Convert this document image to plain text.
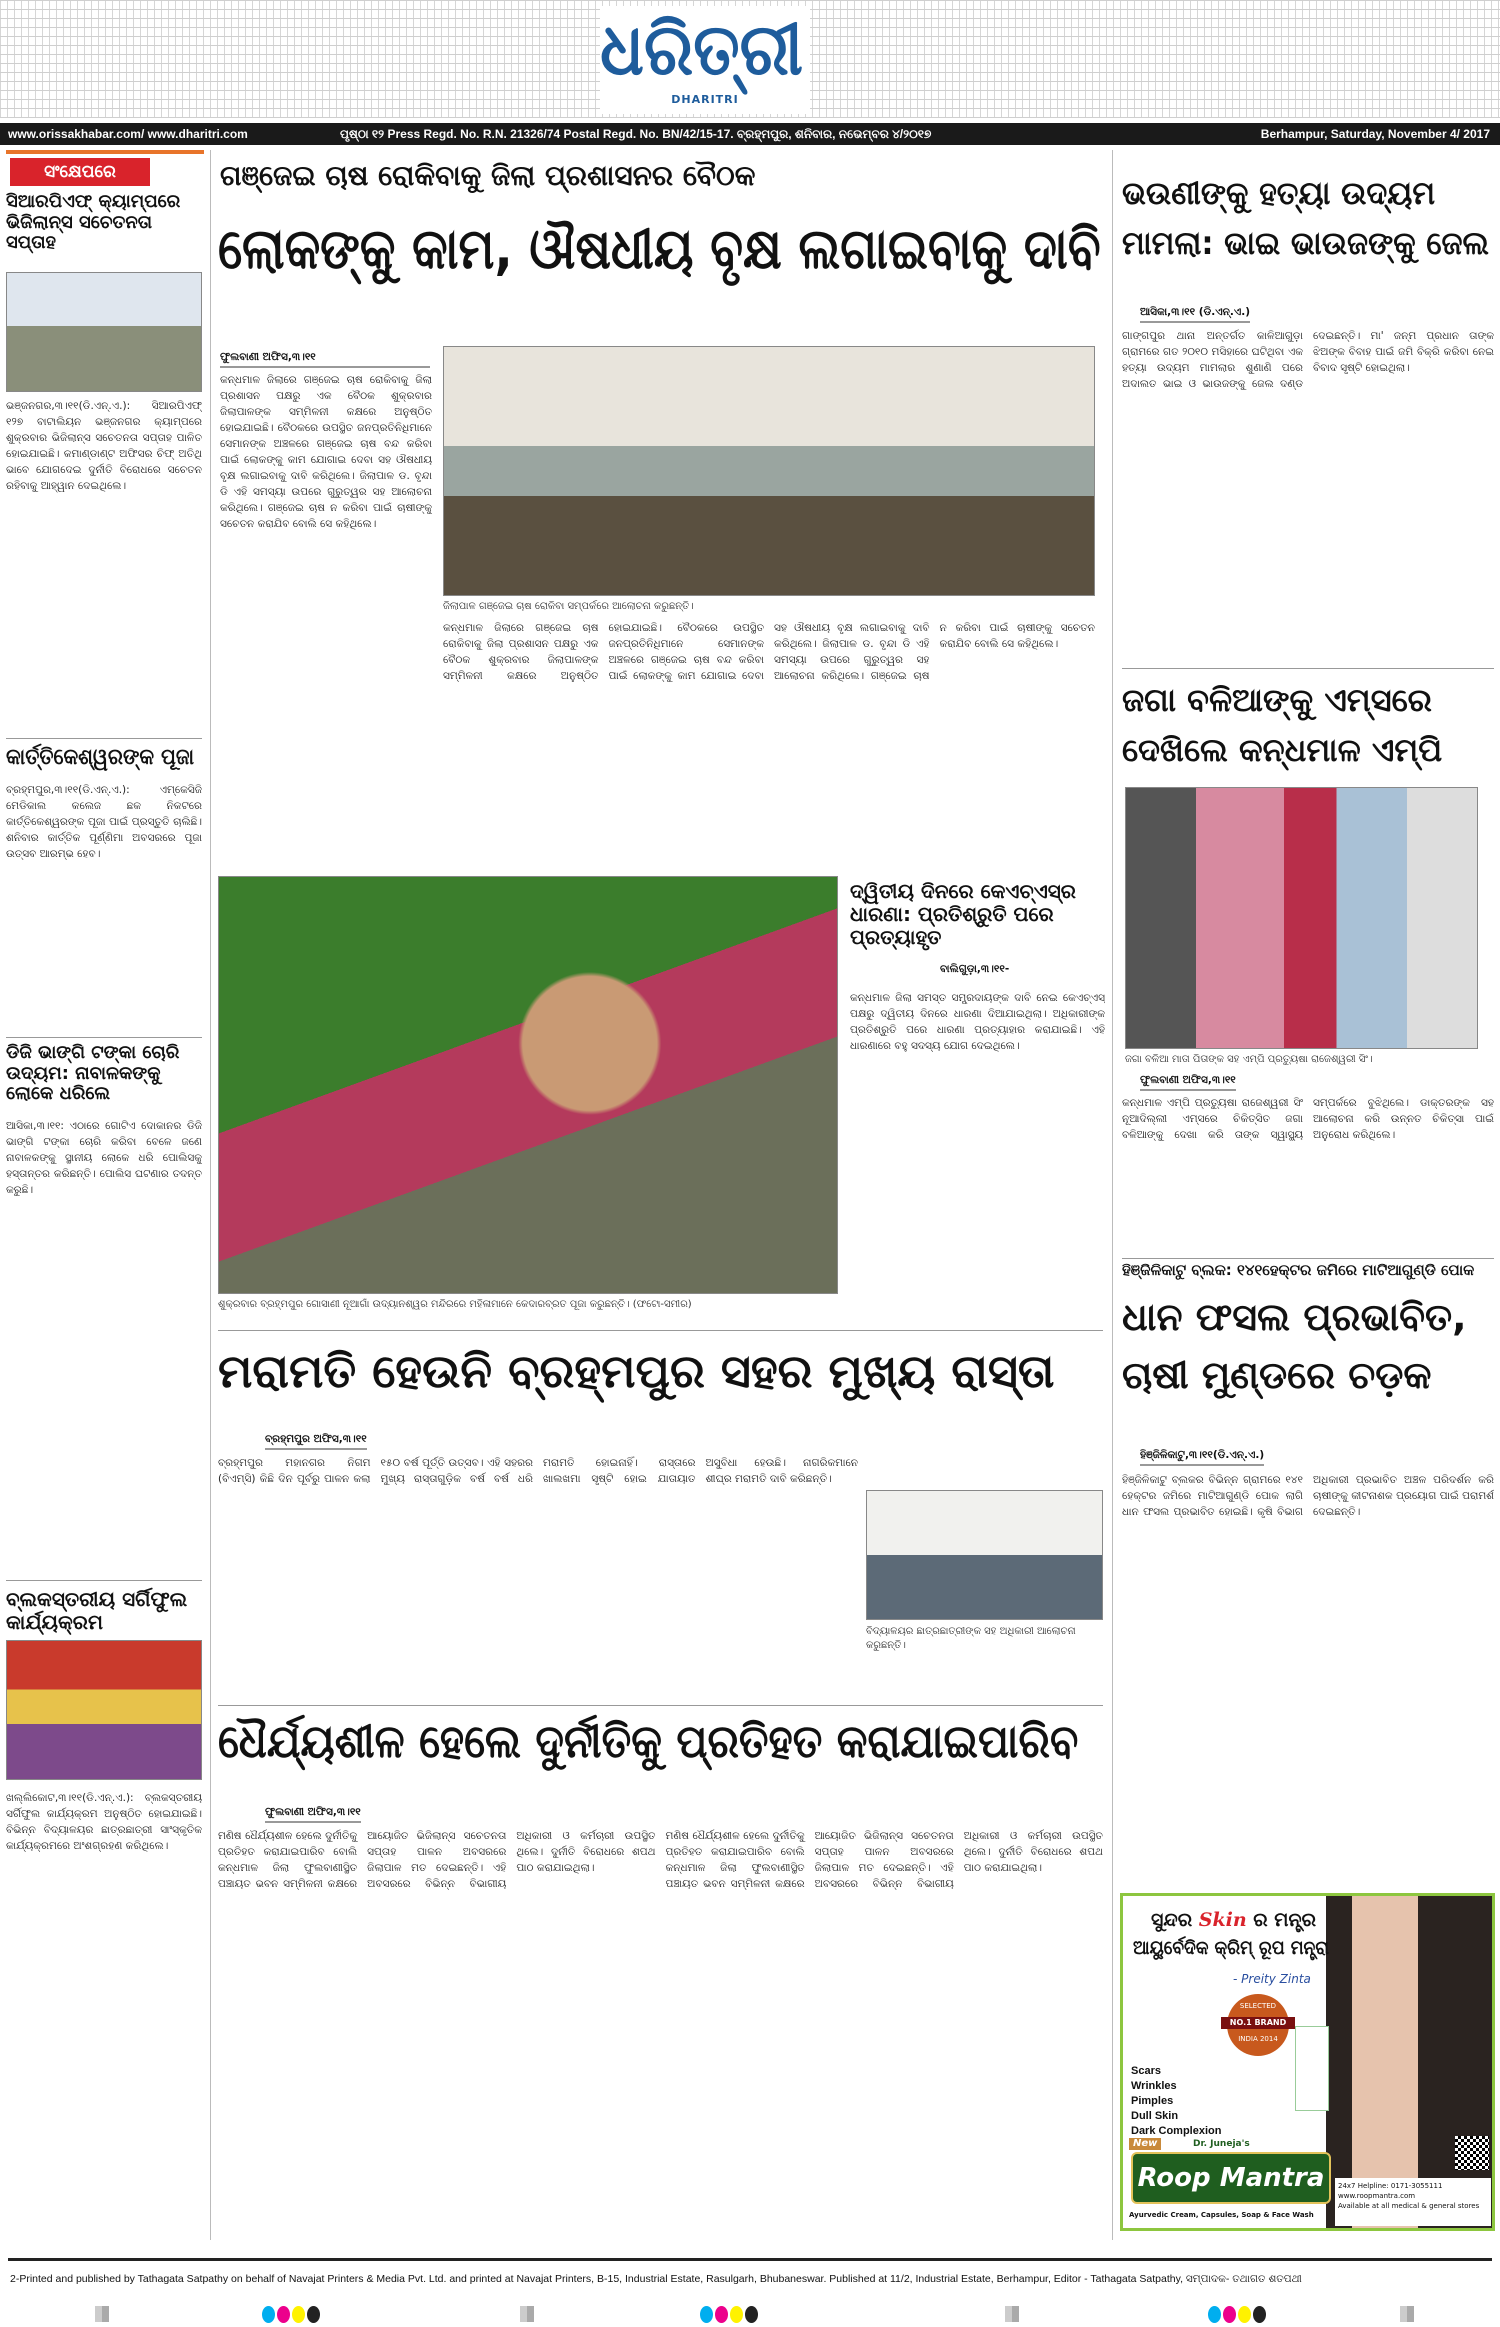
ଧରିତ୍ରୀ
DHARITRI
www.orissakhabar.com/ www.dharitri.com	ପୃଷ୍ଠା ୧୨ Press Regd. No. R.N. 21326/74 Postal Regd. No. BN/42/15-17. ବ୍ରହ୍ମପୁର, ଶନିବାର, ନଭେମ୍ବର ୪/୨୦୧୭	Berhampur, Saturday, November 4/ 2017
ସଂକ୍ଷେପରେ
ସିଆରପିଏଫ୍ କ୍ୟାମ୍ପରେ ଭିଜିଲାନ୍ସ ସଚେତନତା ସପ୍ତାହ

ଭଞ୍ଜନଗର,୩।୧୧(ଡି.ଏନ୍.ଏ.): ସିଆରପିଏଫ୍ ୧୨୭ ବାଟାଲିୟନ ଭଞ୍ଜନଗର କ୍ୟାମ୍ପରେ ଶୁକ୍ରବାର ଭିଜିଲାନ୍ସ ସଚେତନତା ସପ୍ତାହ ପାଳିତ ହୋଇଯାଇଛି। କମାଣ୍ଡାଣ୍ଟ ଅଫିସର ଚିଫ୍ ଅତିଥି ଭାବେ ଯୋଗଦେଇ ଦୁର୍ନୀତି ବିରୋଧରେ ସଚେତନ ରହିବାକୁ ଆହ୍ୱାନ ଦେଇଥିଲେ।

କାର୍ତ୍ତିକେଶ୍ୱରଙ୍କ ପୂଜା

ବ୍ରହ୍ମପୁର,୩।୧୧(ଡି.ଏନ୍.ଏ.): ଏମ୍‌କେସିଜି ମେଡିକାଲ କଲେଜ ଛକ ନିକଟରେ କାର୍ତ୍ତିକେଶ୍ୱରଙ୍କ ପୂଜା ପାଇଁ ପ୍ରସ୍ତୁତି ଚାଲିଛି। ଶନିବାର କାର୍ତ୍ତିକ ପୂର୍ଣ୍ଣିମା ଅବସରରେ ପୂଜା ଉତ୍ସବ ଆରମ୍ଭ ହେବ।

ଡିଜି ଭାଙ୍ଗି ଟଙ୍କା ଚୋରି ଉଦ୍ୟମ: ନାବାଳକଙ୍କୁ ଲୋକେ ଧରିଲେ

ଆସିକା,୩।୧୧: ଏଠାରେ ଗୋଟିଏ ଦୋକାନର ଡିଜି ଭାଙ୍ଗି ଟଙ୍କା ଚୋରି କରିବା ବେଳେ ଜଣେ ନାବାଳକଙ୍କୁ ସ୍ଥାନୀୟ ଲୋକେ ଧରି ପୋଲିସକୁ ହସ୍ତାନ୍ତର କରିଛନ୍ତି। ପୋଲିସ ଘଟଣାର ତଦନ୍ତ କରୁଛି।

ବ୍ଲକସ୍ତରୀୟ ସର୍ଗିଫୁଲ କାର୍ଯ୍ୟକ୍ରମ

ଖଲ୍ଲିକୋଟ,୩।୧୧(ଡି.ଏନ୍.ଏ.): ବ୍ଲକସ୍ତରୀୟ ସର୍ଗିଫୁଲ କାର୍ଯ୍ୟକ୍ରମ ଅନୁଷ୍ଠିତ ହୋଇଯାଇଛି। ବିଭିନ୍ନ ବିଦ୍ୟାଳୟର ଛାତ୍ରଛାତ୍ରୀ ସାଂସ୍କୃତିକ କାର୍ଯ୍ୟକ୍ରମରେ ଅଂଶଗ୍ରହଣ କରିଥିଲେ।

ଗଞ୍ଜେଇ ଚାଷ ରୋକିବାକୁ ଜିଲା ପ୍ରଶାସନର ବୈଠକ
ଲୋକଙ୍କୁ କାମ, ଔଷଧୀୟ ବୃକ୍ଷ ଲଗାଇବାକୁ ଦାବି
ଫୁଲବାଣୀ ଅଫିସ,୩।୧୧

କନ୍ଧମାଳ ଜିଲାରେ ଗଞ୍ଜେଇ ଚାଷ ରୋକିବାକୁ ଜିଲା ପ୍ରଶାସନ ପକ୍ଷରୁ ଏକ ବୈଠକ ଶୁକ୍ରବାର ଜିଲାପାଳଙ୍କ ସମ୍ମିଳନୀ କକ୍ଷରେ ଅନୁଷ୍ଠିତ ହୋଇଯାଇଛି। ବୈଠକରେ ଉପସ୍ଥିତ ଜନପ୍ରତିନିଧିମାନେ ସେମାନଙ୍କ ଅଞ୍ଚଳରେ ଗଞ୍ଜେଇ ଚାଷ ବନ୍ଦ କରିବା ପାଇଁ ଲୋକଙ୍କୁ କାମ ଯୋଗାଇ ଦେବା ସହ ଔଷଧୀୟ ବୃକ୍ଷ ଲଗାଇବାକୁ ଦାବି କରିଥିଲେ। ଜିଲାପାଳ ଡ. ବୃନ୍ଦା ଡି ଏହି ସମସ୍ୟା ଉପରେ ଗୁରୁତ୍ୱର ସହ ଆଲୋଚନା କରିଥିଲେ। ଗଞ୍ଜେଇ ଚାଷ ନ କରିବା ପାଇଁ ଚାଷୀଙ୍କୁ ସଚେତନ କରାଯିବ ବୋଲି ସେ କହିଥିଲେ।

ଜିଲାପାଳ ଗଞ୍ଜେଇ ଚାଷ ରୋକିବା ସମ୍ପର୍କରେ ଆଲୋଚନା କରୁଛନ୍ତି।

କନ୍ଧମାଳ ଜିଲାରେ ଗଞ୍ଜେଇ ଚାଷ ରୋକିବାକୁ ଜିଲା ପ୍ରଶାସନ ପକ୍ଷରୁ ଏକ ବୈଠକ ଶୁକ୍ରବାର ଜିଲାପାଳଙ୍କ ସମ୍ମିଳନୀ କକ୍ଷରେ ଅନୁଷ୍ଠିତ ହୋଇଯାଇଛି। ବୈଠକରେ ଉପସ୍ଥିତ ଜନପ୍ରତିନିଧିମାନେ ସେମାନଙ୍କ ଅଞ୍ଚଳରେ ଗଞ୍ଜେଇ ଚାଷ ବନ୍ଦ କରିବା ପାଇଁ ଲୋକଙ୍କୁ କାମ ଯୋଗାଇ ଦେବା ସହ ଔଷଧୀୟ ବୃକ୍ଷ ଲଗାଇବାକୁ ଦାବି କରିଥିଲେ। ଜିଲାପାଳ ଡ. ବୃନ୍ଦା ଡି ଏହି ସମସ୍ୟା ଉପରେ ଗୁରୁତ୍ୱର ସହ ଆଲୋଚନା କରିଥିଲେ। ଗଞ୍ଜେଇ ଚାଷ ନ କରିବା ପାଇଁ ଚାଷୀଙ୍କୁ ସଚେତନ କରାଯିବ ବୋଲି ସେ କହିଥିଲେ।

ଶୁକ୍ରବାର ବ୍ରହ୍ମପୁର ଗୋସାଣୀ ନୂଆଗାଁ ଉଦ୍ୟାନଶ୍ୱର ମନ୍ଦିରରେ ମହିଳାମାନେ କେଦାରବ୍ରତ ପୂଜା କରୁଛନ୍ତି। (ଫଟୋ-ସମୀର)
ଦ୍ୱିତୀୟ ଦିନରେ କେଏଚ୍‌ଏସ୍‌ର ଧାରଣା: ପ୍ରତିଶ୍ରୁତି ପରେ ପ୍ରତ୍ୟାହୃତ
ବାଲିଗୁଡ଼ା,୩।୧୧-

କନ୍ଧମାଳ ଜିଲା ସମସ୍ତ ସମ୍ପ୍ରଦାୟଙ୍କ ଦାବି ନେଇ କେଏଚ୍‌ଏସ୍ ପକ୍ଷରୁ ଦ୍ୱିତୀୟ ଦିନରେ ଧାରଣା ଦିଆଯାଇଥିଲା। ଅଧିକାରୀଙ୍କ ପ୍ରତିଶ୍ରୁତି ପରେ ଧାରଣା ପ୍ରତ୍ୟାହାର କରାଯାଇଛି। ଏହି ଧାରଣାରେ ବହୁ ସଦସ୍ୟ ଯୋଗ ଦେଇଥିଲେ।

ମରାମତି ହେଉନି ବ୍ରହ୍ମପୁର ସହର ମୁଖ୍ୟ ରାସ୍ତା
ବ୍ରହ୍ମପୁର ଅଫିସ,୩।୧୧

ବ୍ରହ୍ମପୁର ମହାନଗର ନିଗମ (ବିଏମ୍‌ସି) କିଛି ଦିନ ପୂର୍ବରୁ ପାଳନ କଲା ୧୫୦ ବର୍ଷ ପୂର୍ତ୍ତି ଉତ୍ସବ। ଏହି ସହରର ମୁଖ୍ୟ ରାସ୍ତାଗୁଡ଼ିକ ବର୍ଷ ବର୍ଷ ଧରି ମରାମତି ହୋଇନାହିଁ। ରାସ୍ତାରେ ଖାଲଖମା ସୃଷ୍ଟି ହୋଇ ଯାତାୟାତ ଅସୁବିଧା ହେଉଛି। ନାଗରିକମାନେ ଶୀଘ୍ର ମରାମତି ଦାବି କରିଛନ୍ତି।

ବିଦ୍ୟାଳୟର ଛାତ୍ରଛାତ୍ରୀଙ୍କ ସହ ଅଧିକାରୀ ଆଲୋଚନା କରୁଛନ୍ତି।
ଧୈର୍ଯ୍ୟଶୀଳ ହେଲେ ଦୁର୍ନୀତିକୁ ପ୍ରତିହତ କରାଯାଇପାରିବ
ଫୁଲବାଣୀ ଅଫିସ,୩।୧୧

ମଣିଷ ଧୈର୍ଯ୍ୟଶୀଳ ହେଲେ ଦୁର୍ନୀତିକୁ ପ୍ରତିହତ କରାଯାଇପାରିବ ବୋଲି କନ୍ଧମାଳ ଜିଲା ଫୁଲବାଣୀସ୍ଥିତ ପଞ୍ଚାୟତ ଭବନ ସମ୍ମିଳନୀ କକ୍ଷରେ ଆୟୋଜିତ ଭିଜିଲାନ୍ସ ସଚେତନତା ସପ୍ତାହ ପାଳନ ଅବସରରେ ଜିଲାପାଳ ମତ ଦେଇଛନ୍ତି। ଏହି ଅବସରରେ ବିଭିନ୍ନ ବିଭାଗୀୟ ଅଧିକାରୀ ଓ କର୍ମଚାରୀ ଉପସ୍ଥିତ ଥିଲେ। ଦୁର୍ନୀତି ବିରୋଧରେ ଶପଥ ପାଠ କରାଯାଇଥିଲା।

ମଣିଷ ଧୈର୍ଯ୍ୟଶୀଳ ହେଲେ ଦୁର୍ନୀତିକୁ ପ୍ରତିହତ କରାଯାଇପାରିବ ବୋଲି କନ୍ଧମାଳ ଜିଲା ଫୁଲବାଣୀସ୍ଥିତ ପଞ୍ଚାୟତ ଭବନ ସମ୍ମିଳନୀ କକ୍ଷରେ ଆୟୋଜିତ ଭିଜିଲାନ୍ସ ସଚେତନତା ସପ୍ତାହ ପାଳନ ଅବସରରେ ଜିଲାପାଳ ମତ ଦେଇଛନ୍ତି। ଏହି ଅବସରରେ ବିଭିନ୍ନ ବିଭାଗୀୟ ଅଧିକାରୀ ଓ କର୍ମଚାରୀ ଉପସ୍ଥିତ ଥିଲେ। ଦୁର୍ନୀତି ବିରୋଧରେ ଶପଥ ପାଠ କରାଯାଇଥିଲା।

ଭଉଣୀଙ୍କୁ ହତ୍ୟା ଉଦ୍ୟମ ମାମଲା: ଭାଇ ଭାଉଜଙ୍କୁ ଜେଲ
ଆସିକା,୩।୧୧ (ଡି.ଏନ୍.ଏ.)

ଗାଙ୍ଗପୁର ଥାନା ଅନ୍ତର୍ଗତ କାଳିଆଗୁଡ଼ା ଗ୍ରାମରେ ଗତ ୨୦୧୦ ମସିହାରେ ଘଟିଥିବା ଏକ ହତ୍ୟା ଉଦ୍ୟମ ମାମଲାର ଶୁଣାଣି ପରେ ଅଦାଲତ ଭାଇ ଓ ଭାଉଜଙ୍କୁ ଜେଲ ଦଣ୍ଡ ଦେଇଛନ୍ତି। ମା' ଜନ୍ମ ପ୍ରଧାନ ତାଙ୍କ ଝିଅଙ୍କ ବିବାହ ପାଇଁ ଜମି ବିକ୍ରି କରିବା ନେଇ ବିବାଦ ସୃଷ୍ଟି ହୋଇଥିଲା।

ଜଗା ବଳିଆଙ୍କୁ ଏମ୍ସରେ ଦେଖିଲେ କନ୍ଧମାଳ ଏମ୍ପି
ଜଗା ବଳିଆ ମାତା ପିତାଙ୍କ ସହ ଏମ୍ପି ପ୍ରତ୍ୟୁଷା ରାଜେଶ୍ୱରୀ ସିଂ।
ଫୁଲବାଣୀ ଅଫିସ,୩।୧୧

କନ୍ଧମାଳ ଏମ୍ପି ପ୍ରତ୍ୟୁଷା ରାଜେଶ୍ୱରୀ ସିଂ ନୂଆଦିଲ୍ଲୀ ଏମ୍ସରେ ଚିକିତ୍ସିତ ଜଗା ବଳିଆଙ୍କୁ ଦେଖା କରି ତାଙ୍କ ସ୍ୱାସ୍ଥ୍ୟ ସମ୍ପର୍କରେ ବୁଝିଥିଲେ। ଡାକ୍ତରଙ୍କ ସହ ଆଲୋଚନା କରି ଉନ୍ନତ ଚିକିତ୍ସା ପାଇଁ ଅନୁରୋଧ କରିଥିଲେ।

ହିଞ୍ଜିଳିକାଟୁ ବ୍ଲକ: ୧୪୧ହେକ୍ଟର ଜମିରେ ମାଟିଆଗୁଣ୍ଡି ପୋକ
ଧାନ ଫସଲ ପ୍ରଭାବିତ, ଚାଷୀ ମୁଣ୍ଡରେ ଚଡ଼କ
ହିଞ୍ଜିଳିକାଟୁ,୩।୧୧(ଡି.ଏନ୍.ଏ.)

ହିଞ୍ଜିଳିକାଟୁ ବ୍ଲକର ବିଭିନ୍ନ ଗ୍ରାମରେ ୧୪୧ ହେକ୍ଟର ଜମିରେ ମାଟିଆଗୁଣ୍ଡି ପୋକ ଲାଗି ଧାନ ଫସଲ ପ୍ରଭାବିତ ହୋଇଛି। କୃଷି ବିଭାଗ ଅଧିକାରୀ ପ୍ରଭାବିତ ଅଞ୍ଚଳ ପରିଦର୍ଶନ କରି ଚାଷୀଙ୍କୁ କୀଟନାଶକ ପ୍ରୟୋଗ ପାଇଁ ପରାମର୍ଶ ଦେଇଛନ୍ତି।

ସୁନ୍ଦର Skin ର ମନ୍ତ୍ର
ଆୟୁର୍ବେଦିକ କ୍ରିମ୍ ରୂପ ମନ୍ତ୍ରା
- Preity Zinta
SELECTED
NO.1 BRAND
INDIA 2014
Scars
Wrinkles
Pimples
Dull Skin
Dark Complexion
New	Dr. Juneja's
Roop Mantra
Ayurvedic Cream, Capsules, Soap & Face Wash
24x7 Helpline: 0171-3055111
www.roopmantra.com
Available at all medical & general stores
2-Printed and published by Tathagata Satpathy on behalf of Navajat Printers & Media Pvt. Ltd. and printed at Navajat Printers, B-15, Industrial Estate, Rasulgarh, Bhubaneswar. Published at 11/2, Industrial Estate, Berhampur, Editor - Tathagata Satpathy, ସମ୍ପାଦକ- ତଥାଗତ ଶତପଥୀ
